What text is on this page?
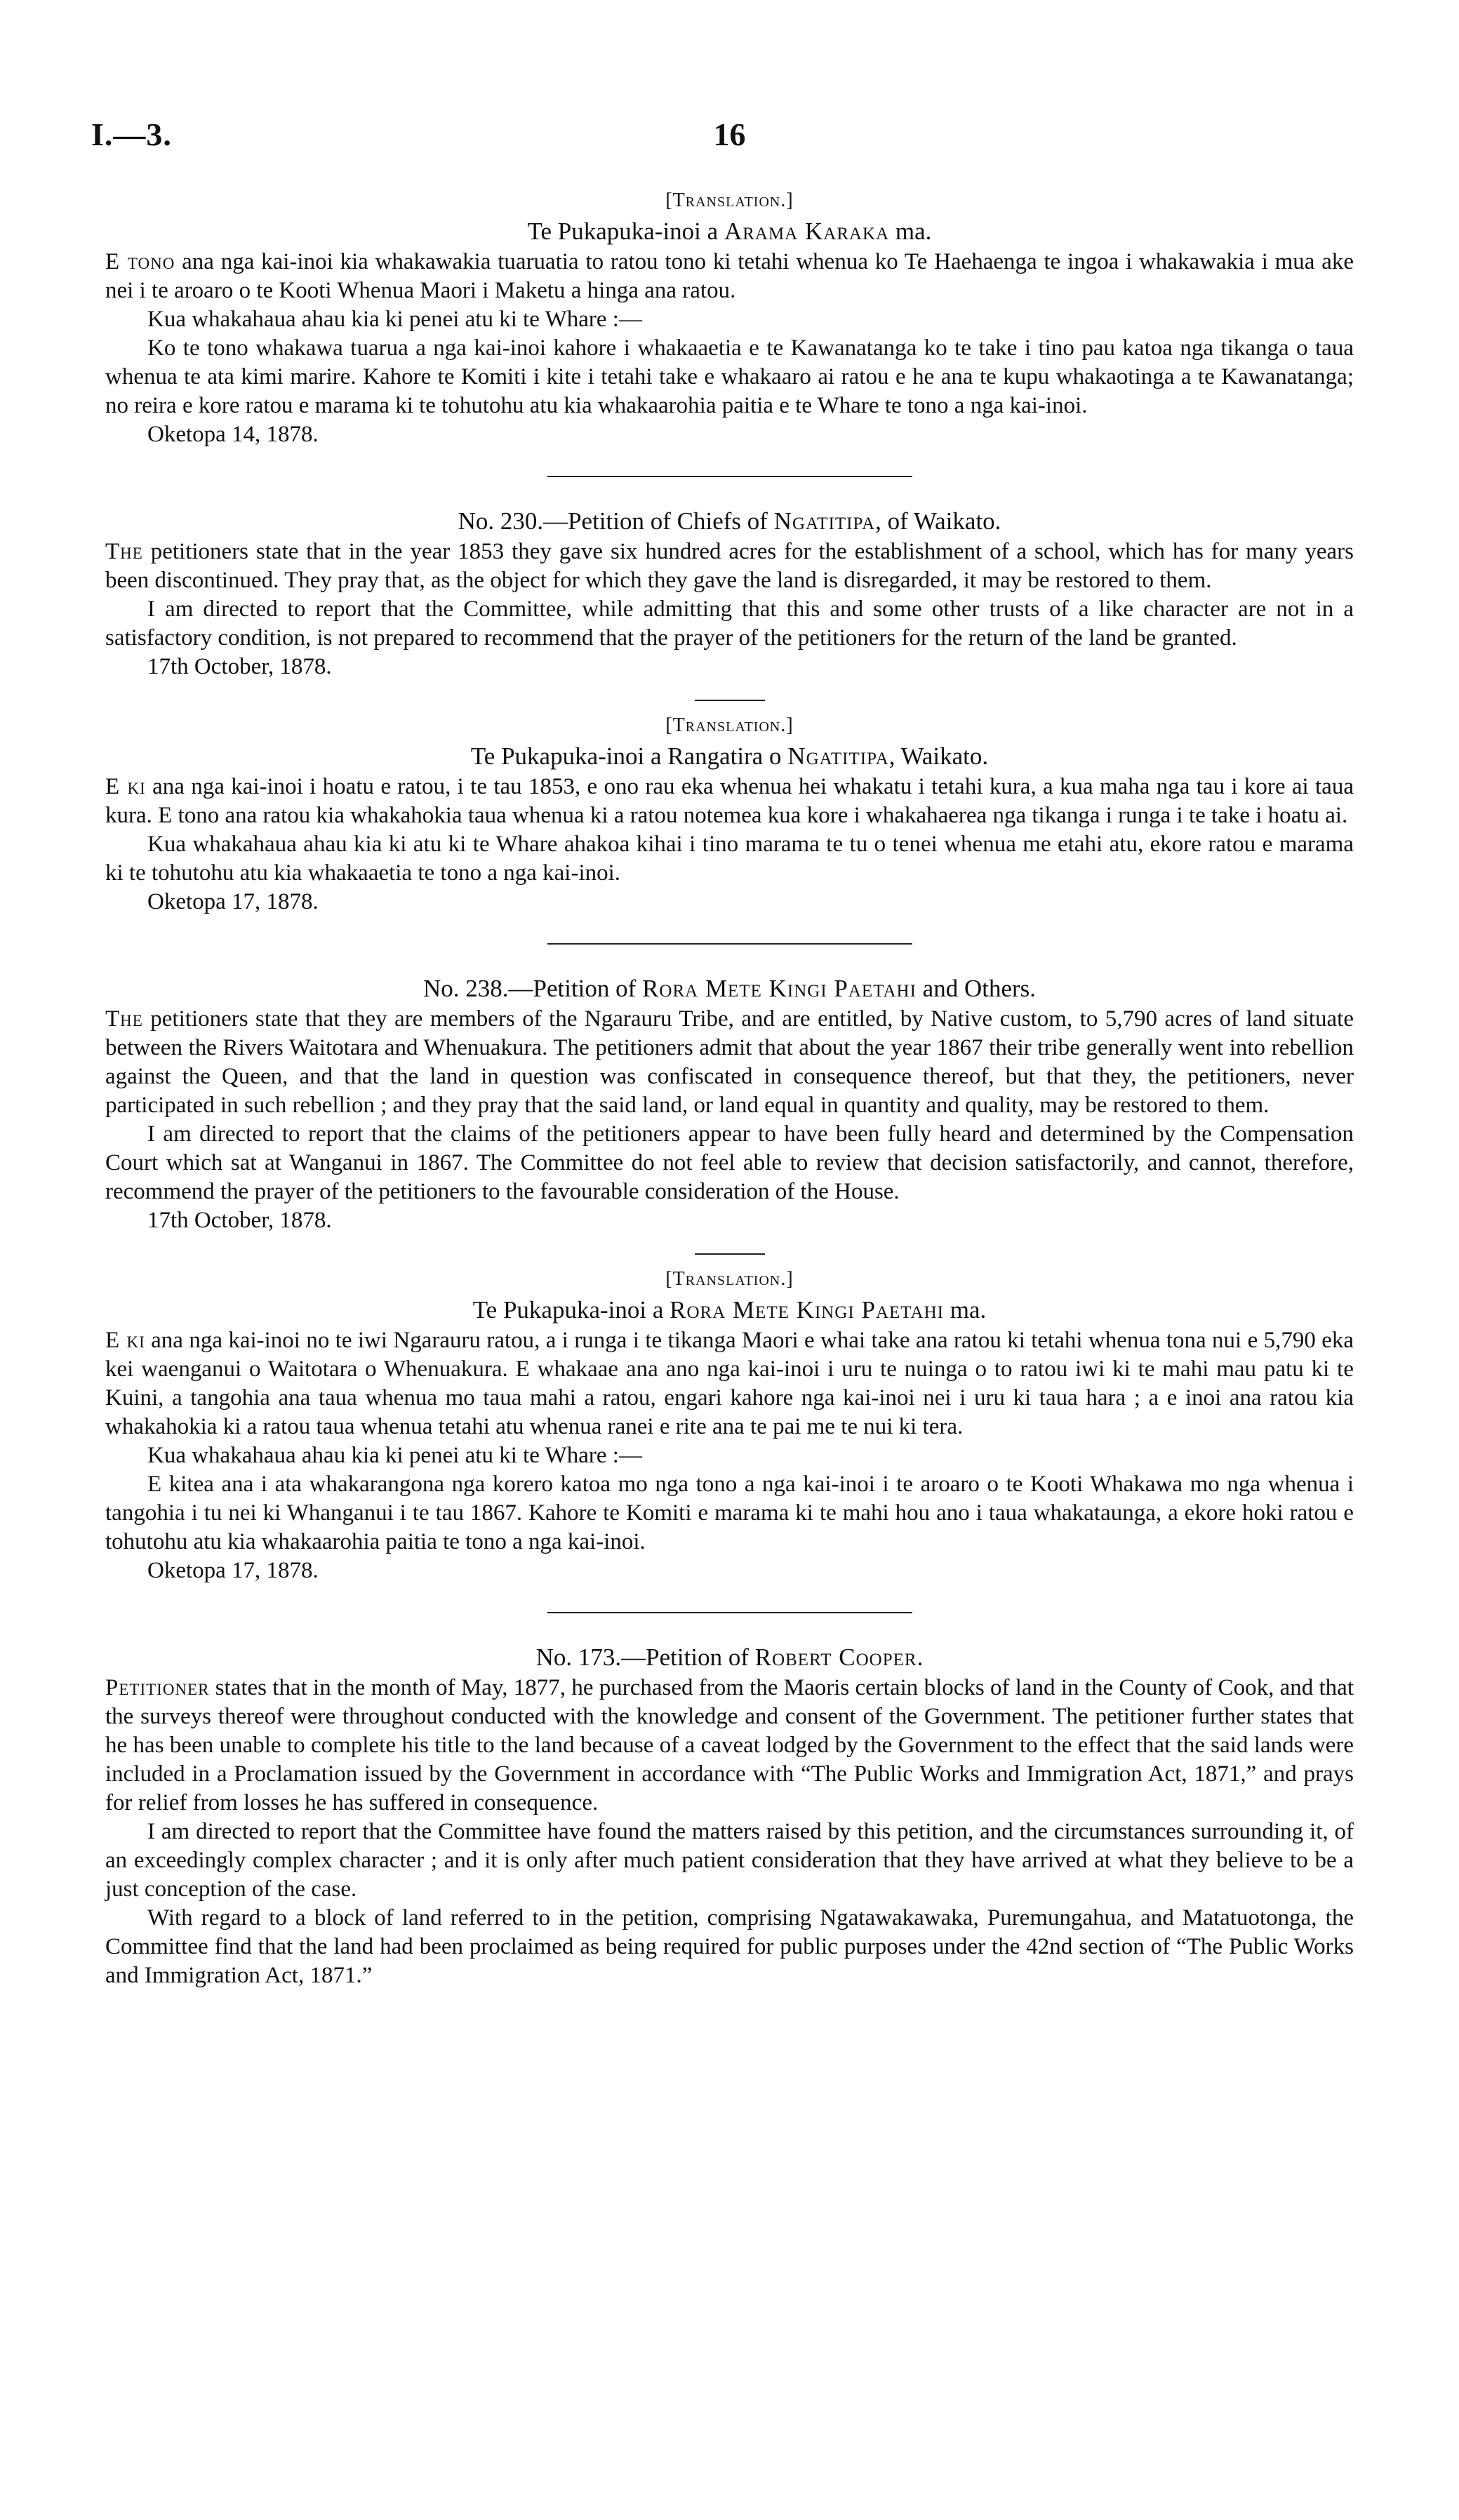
I.—3.	16
[Translation.]
Te Pukapuka-inoi a Arama Karaka ma.

E tono ana nga kai-inoi kia whakawakia tuaruatia to ratou tono ki tetahi whenua ko Te Haehaenga te ingoa i whakawakia i mua ake nei i te aroaro o te Kooti Whenua Maori i Maketu a hinga ana ratou.

Kua whakahaua ahau kia ki penei atu ki te Whare :—

Ko te tono whakawa tuarua a nga kai-inoi kahore i whakaaetia e te Kawanatanga ko te take i tino pau katoa nga tikanga o taua whenua te ata kimi marire. Kahore te Komiti i kite i tetahi take e whakaaro ai ratou e he ana te kupu whakaotinga a te Kawanatanga; no reira e kore ratou e marama ki te tohutohu atu kia whakaarohia paitia e te Whare te tono a nga kai-inoi.

Oketopa 14, 1878.

No. 230.—Petition of Chiefs of Ngatitipa, of Waikato.

The petitioners state that in the year 1853 they gave six hundred acres for the establishment of a school, which has for many years been discontinued. They pray that, as the object for which they gave the land is disregarded, it may be restored to them.

I am directed to report that the Committee, while admitting that this and some other trusts of a like character are not in a satisfactory condition, is not prepared to recommend that the prayer of the petitioners for the return of the land be granted.

17th October, 1878.

[Translation.]
Te Pukapuka-inoi a Rangatira o Ngatitipa, Waikato.

E ki ana nga kai-inoi i hoatu e ratou, i te tau 1853, e ono rau eka whenua hei whakatu i tetahi kura, a kua maha nga tau i kore ai taua kura. E tono ana ratou kia whakahokia taua whenua ki a ratou notemea kua kore i whakahaerea nga tikanga i runga i te take i hoatu ai.

Kua whakahaua ahau kia ki atu ki te Whare ahakoa kihai i tino marama te tu o tenei whenua me etahi atu, ekore ratou e marama ki te tohutohu atu kia whakaaetia te tono a nga kai-inoi.

Oketopa 17, 1878.

No. 238.—Petition of Rora Mete Kingi Paetahi and Others.

The petitioners state that they are members of the Ngarauru Tribe, and are entitled, by Native custom, to 5,790 acres of land situate between the Rivers Waitotara and Whenuakura. The petitioners admit that about the year 1867 their tribe generally went into rebellion against the Queen, and that the land in question was confiscated in consequence thereof, but that they, the petitioners, never participated in such rebellion ; and they pray that the said land, or land equal in quantity and quality, may be restored to them.

I am directed to report that the claims of the petitioners appear to have been fully heard and determined by the Compensation Court which sat at Wanganui in 1867. The Committee do not feel able to review that decision satisfactorily, and cannot, therefore, recommend the prayer of the petitioners to the favourable consideration of the House.

17th October, 1878.

[Translation.]
Te Pukapuka-inoi a Rora Mete Kingi Paetahi ma.

E ki ana nga kai-inoi no te iwi Ngarauru ratou, a i runga i te tikanga Maori e whai take ana ratou ki tetahi whenua tona nui e 5,790 eka kei waenganui o Waitotara o Whenuakura. E whakaae ana ano nga kai-inoi i uru te nuinga o to ratou iwi ki te mahi mau patu ki te Kuini, a tangohia ana taua whenua mo taua mahi a ratou, engari kahore nga kai-inoi nei i uru ki taua hara ; a e inoi ana ratou kia whakahokia ki a ratou taua whenua tetahi atu whenua ranei e rite ana te pai me te nui ki tera.

Kua whakahaua ahau kia ki penei atu ki te Whare :—

E kitea ana i ata whakarangona nga korero katoa mo nga tono a nga kai-inoi i te aroaro o te Kooti Whakawa mo nga whenua i tangohia i tu nei ki Whanganui i te tau 1867. Kahore te Komiti e marama ki te mahi hou ano i taua whakataunga, a ekore hoki ratou e tohutohu atu kia whakaarohia paitia te tono a nga kai-inoi.

Oketopa 17, 1878.

No. 173.—Petition of Robert Cooper.

Petitioner states that in the month of May, 1877, he purchased from the Maoris certain blocks of land in the County of Cook, and that the surveys thereof were throughout conducted with the knowledge and consent of the Government. The petitioner further states that he has been unable to complete his title to the land because of a caveat lodged by the Government to the effect that the said lands were included in a Proclamation issued by the Government in accordance with “The Public Works and Immigration Act, 1871,” and prays for relief from losses he has suffered in consequence.

I am directed to report that the Committee have found the matters raised by this petition, and the circumstances surrounding it, of an exceedingly complex character ; and it is only after much patient consideration that they have arrived at what they believe to be a just conception of the case.

With regard to a block of land referred to in the petition, comprising Ngatawakawaka, Puremungahua, and Matatuotonga, the Committee find that the land had been proclaimed as being required for public purposes under the 42nd section of “The Public Works and Immigration Act, 1871.”
